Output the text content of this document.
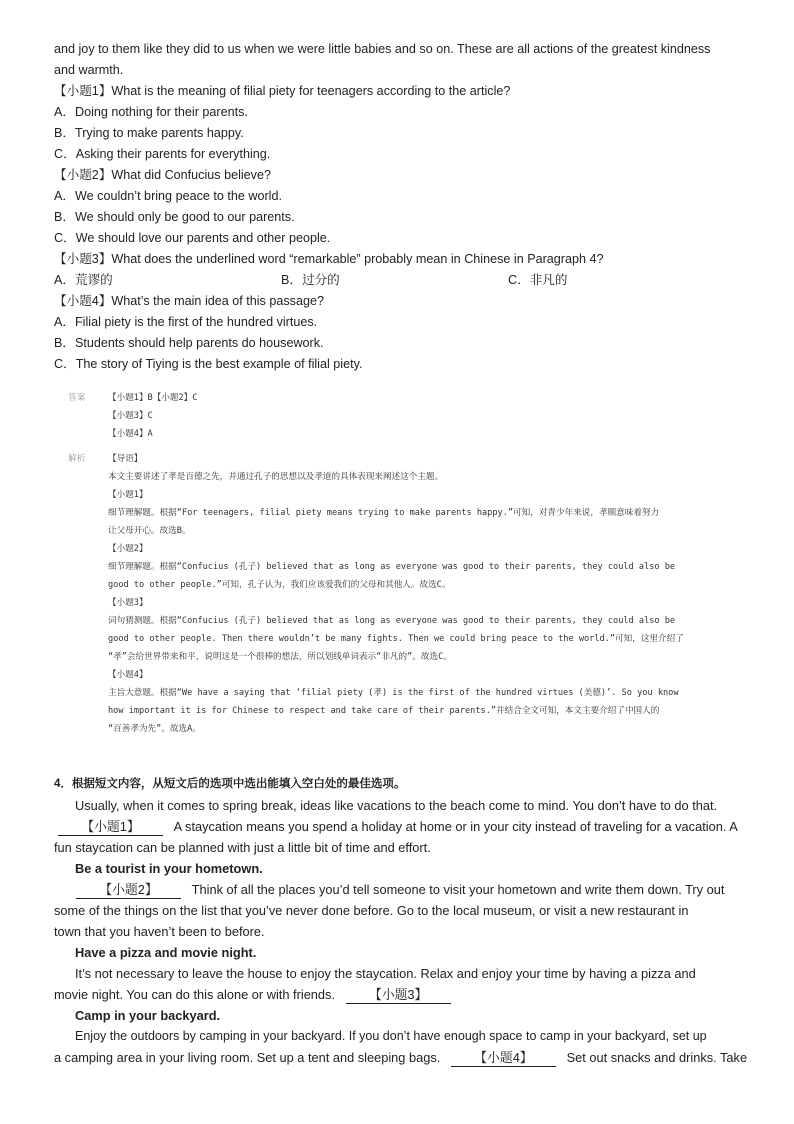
and joy to them like they did to us when we were little babies and so on. These are all actions of the greatest kindness
and warmth.
【小题1】What is the meaning of filial piety for teenagers according to the article?
A．Doing nothing for their parents.
B．Trying to make parents happy.
C．Asking their parents for everything.
【小题2】What did Confucius believe?
A．We couldn’t bring peace to the world.
B．We should only be good to our parents.
C．We should love our parents and other people.
【小题3】What does the underlined word “remarkable” probably mean in Chinese in Paragraph 4?
A．荒谬的	B．过分的	C．非凡的
【小题4】What’s the main idea of this passage?
A．Filial piety is the first of the hundred virtues.
B．Students should help parents do housework.
C．The story of Tiying is the best example of filial piety.
答案	【小题1】B【小题2】C
【小题3】C
【小题4】A
解析	【导语】
本文主要讲述了孝是百德之先，并通过孔子的思想以及孝道的具体表现来阐述这个主题。
【小题1】
细节理解题。根据“For teenagers, filial piety means trying to make parents happy.”可知，对青少年来说，孝顺意味着努力
让父母开心。故选B。
【小题2】
细节理解题。根据“Confucius (孔子) believed that as long as everyone was good to their parents, they could also be
good to other people.”可知，孔子认为，我们应该爱我们的父母和其他人。故选C。
【小题3】
词句猜测题。根据“Confucius (孔子) believed that as long as everyone was good to their parents, they could also be
good to other people. Then there wouldn’t be many fights. Then we could bring peace to the world.”可知，这里介绍了
“孝”会给世界带来和平，说明这是一个很棒的想法，所以划线单词表示“非凡的”。故选C。
【小题4】
主旨大意题。根据“We have a saying that ‘filial piety (孝) is the first of the hundred virtues (美德)’. So you know
how important it is for Chinese to respect and take care of their parents.”并结合全文可知，本文主要介绍了中国人的
“百善孝为先”。故选A。
4．根据短文内容，从短文后的选项中选出能填入空白处的最佳选项。
Usually, when it comes to spring break, ideas like vacations to the beach come to mind. You don’t have to do that.
【小题1】	A staycation means you spend a holiday at home or in your city instead of traveling for a vacation. A
fun staycation can be planned with just a little bit of time and effort.
Be a tourist in your hometown.
【小题2】	Think of all the places you’d tell someone to visit your hometown and write them down. Try out
some of the things on the list that you’ve never done before. Go to the local museum, or visit a new restaurant in
town that you haven’t been to before.
Have a pizza and movie night.
It’s not necessary to leave the house to enjoy the staycation. Relax and enjoy your time by having a pizza and
movie night. You can do this alone or with friends.	【小题3】
Camp in your backyard.
Enjoy the outdoors by camping in your backyard. If you don’t have enough space to camp in your backyard, set up
a camping area in your living room. Set up a tent and sleeping bags.	【小题4】	Set out snacks and drinks. Take
